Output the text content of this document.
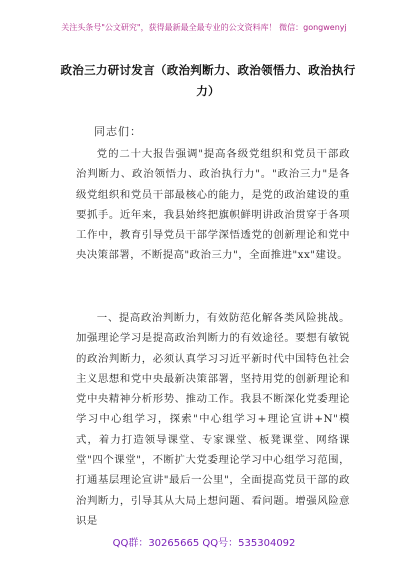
关注头条号"公文研究"，获得最新最全最专业的公文资料库！ 微信：gongwenyj
政治三力研讨发言（政治判断力、政治领悟力、政治执行力）
同志们：

党的二十大报告强调"提高各级党组织和党员干部政治判断力、政治领悟力、政治执行力"。"政治三力"是各级党组织和党员干部最核心的能力，是党的政治建设的重要抓手。近年来，我县始终把旗帜鲜明讲政治贯穿于各项工作中，教育引导党员干部学深悟透党的创新理论和党中央决策部署，不断提高"政治三力"，全面推进"xx"建设。

一、提高政治判断力，有效防范化解各类风险挑战。加强理论学习是提高政治判断力的有效途径。要想有敏锐的政治判断力，必须认真学习习近平新时代中国特色社会主义思想和党中央最新决策部署，坚持用党的创新理论和党中央精神分析形势、推动工作。我县不断深化党委理论学习中心组学习，探索"中心组学习+理论宣讲+N"模式，着力打造领导课堂、专家课堂、板凳课堂、网络课堂"四个课堂"，不断扩大党委理论学习中心组学习范围，打通基层理论宣讲"最后一公里"，全面提高党员干部的政治判断力，引导其从大局上想问题、看问题。增强风险意识是

QQ群：30265665 QQ号：535304092
